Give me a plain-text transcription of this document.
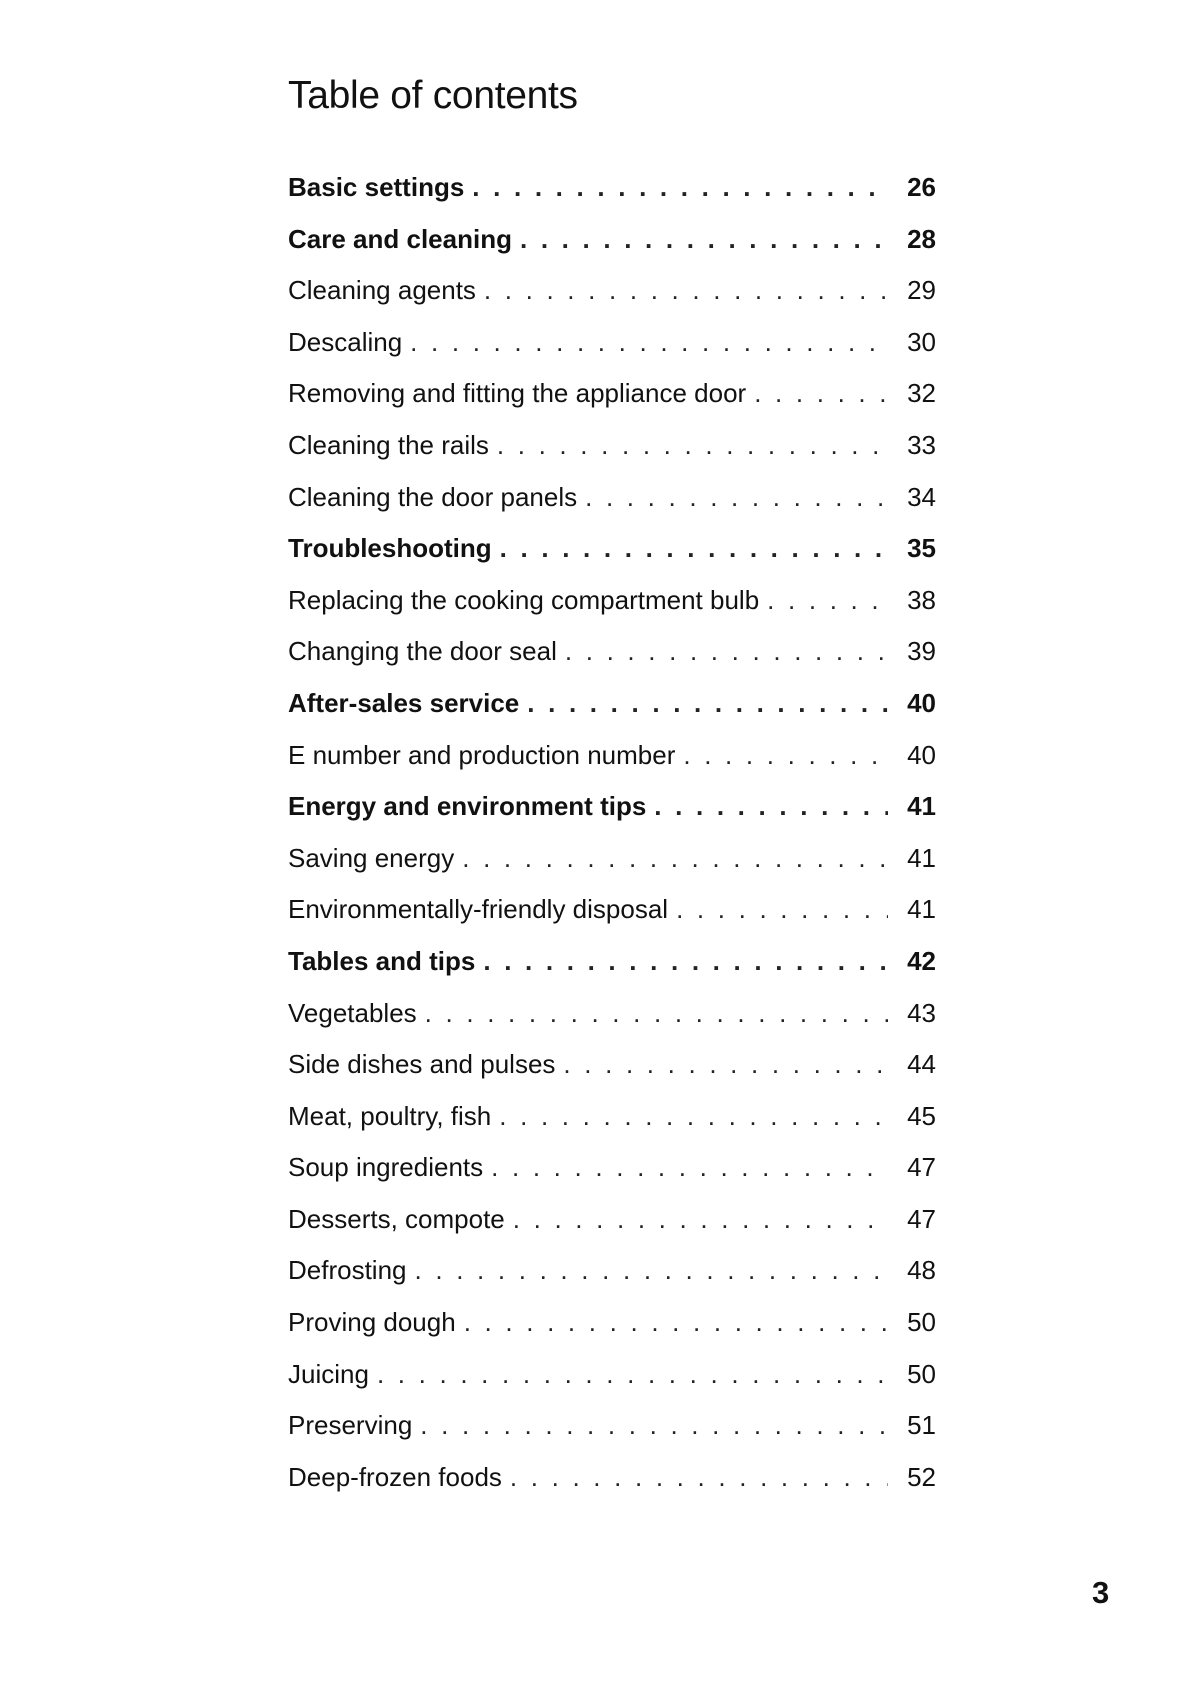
Table of contents
Basic settings . . .	26
Care and cleaning . . .	28
Cleaning agents . . .	29
Descaling . . .	30
Removing and fitting the appliance door . . .	32
Cleaning the rails . . .	33
Cleaning the door panels . . .	34
Troubleshooting . . .	35
Replacing the cooking compartment bulb . . .	38
Changing the door seal . . .	39
After-sales service . . .	40
E number and production number . . .	40
Energy and environment tips . . .	41
Saving energy . . .	41
Environmentally-friendly disposal . . .	41
Tables and tips . . .	42
Vegetables . . .	43
Side dishes and pulses . . .	44
Meat, poultry, fish . . .	45
Soup ingredients . . .	47
Desserts, compote . . .	47
Defrosting . . .	48
Proving dough . . .	50
Juicing . . .	50
Preserving . . .	51
Deep-frozen foods . . .	52
3
